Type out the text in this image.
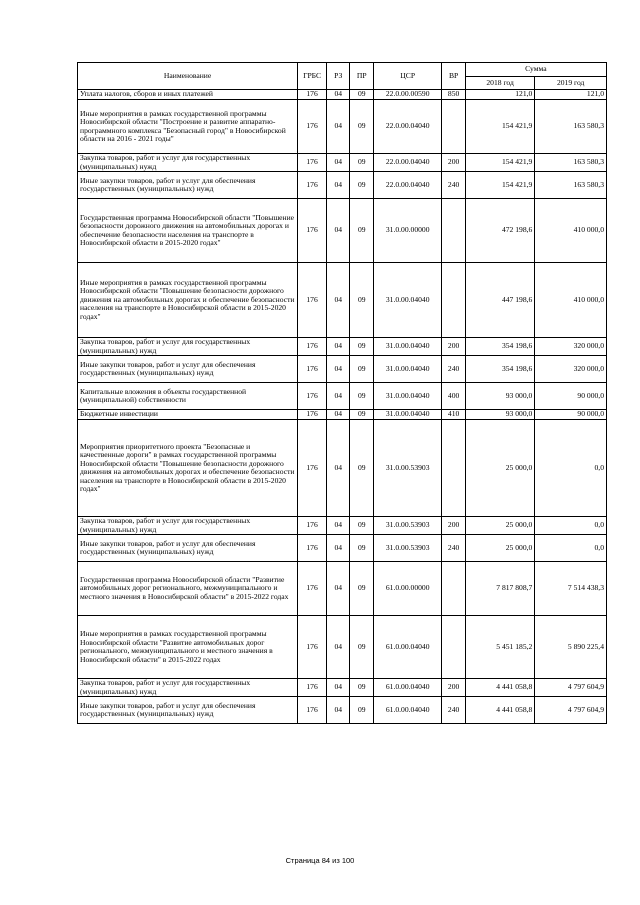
Наименование	ГРБС	РЗ	ПР	ЦСР	ВР	Сумма	
						2018 год	2019 год
Уплата налогов, сборов и иных платежей	176	04	09	22.0.00.00590	850	121,0	121,0
Иные мероприятия в рамках государственной программы Новосибирской области "Построение и развитие аппаратно-программного комплекса "Безопасный город" в Новосибирской области на 2016 - 2021 годы"	176	04	09	22.0.00.04040		154 421,9	163 580,3
Закупка товаров, работ и услуг для государственных (муниципальных) нужд	176	04	09	22.0.00.04040	200	154 421,9	163 580,3
Иные закупки товаров, работ и услуг для обеспечения государственных (муниципальных) нужд	176	04	09	22.0.00.04040	240	154 421,9	163 580,3
Государственная программа Новосибирской области "Повышение безопасности дорожного движения на автомобильных дорогах и обеспечение безопасности населения на транспорте в Новосибирской области в 2015-2020 годах"	176	04	09	31.0.00.00000		472 198,6	410 000,0
Иные мероприятия в рамках государственной программы Новосибирской области "Повышение безопасности дорожного движения на автомобильных дорогах и обеспечение безопасности населения на транспорте в Новосибирской области в 2015-2020 годах"	176	04	09	31.0.00.04040		447 198,6	410 000,0
Закупка товаров, работ и услуг для государственных (муниципальных) нужд	176	04	09	31.0.00.04040	200	354 198,6	320 000,0
Иные закупки товаров, работ и услуг для обеспечения государственных (муниципальных) нужд	176	04	09	31.0.00.04040	240	354 198,6	320 000,0
Капитальные вложения в объекты государственной (муниципальной) собственности	176	04	09	31.0.00.04040	400	93 000,0	90 000,0
Бюджетные инвестиции	176	04	09	31.0.00.04040	410	93 000,0	90 000,0
Мероприятия приоритетного проекта "Безопасные и качественные дороги" в рамках государственной программы Новосибирской области "Повышение безопасности дорожного движения на автомобильных дорогах и обеспечение безопасности населения на транспорте в Новосибирской области в 2015-2020 годах"	176	04	09	31.0.00.53903		25 000,0	0,0
Закупка товаров, работ и услуг для государственных (муниципальных) нужд	176	04	09	31.0.00.53903	200	25 000,0	0,0
Иные закупки товаров, работ и услуг для обеспечения государственных (муниципальных) нужд	176	04	09	31.0.00.53903	240	25 000,0	0,0
Государственная программа Новосибирской области "Развитие автомобильных дорог регионального, межмуниципального и местного значения в Новосибирской области" в 2015-2022 годах	176	04	09	61.0.00.00000		7 817 808,7	7 514 438,3
Иные мероприятия в рамках государственной программы Новосибирской области "Развитие автомобильных дорог регионального, межмуниципального и местного значения в Новосибирской области" в 2015-2022 годах	176	04	09	61.0.00.04040		5 451 185,2	5 890 225,4
Закупка товаров, работ и услуг для государственных (муниципальных) нужд	176	04	09	61.0.00.04040	200	4 441 058,8	4 797 604,9
Иные закупки товаров, работ и услуг для обеспечения государственных (муниципальных) нужд	176	04	09	61.0.00.04040	240	4 441 058,8	4 797 604,9
Страница 84 из 100
